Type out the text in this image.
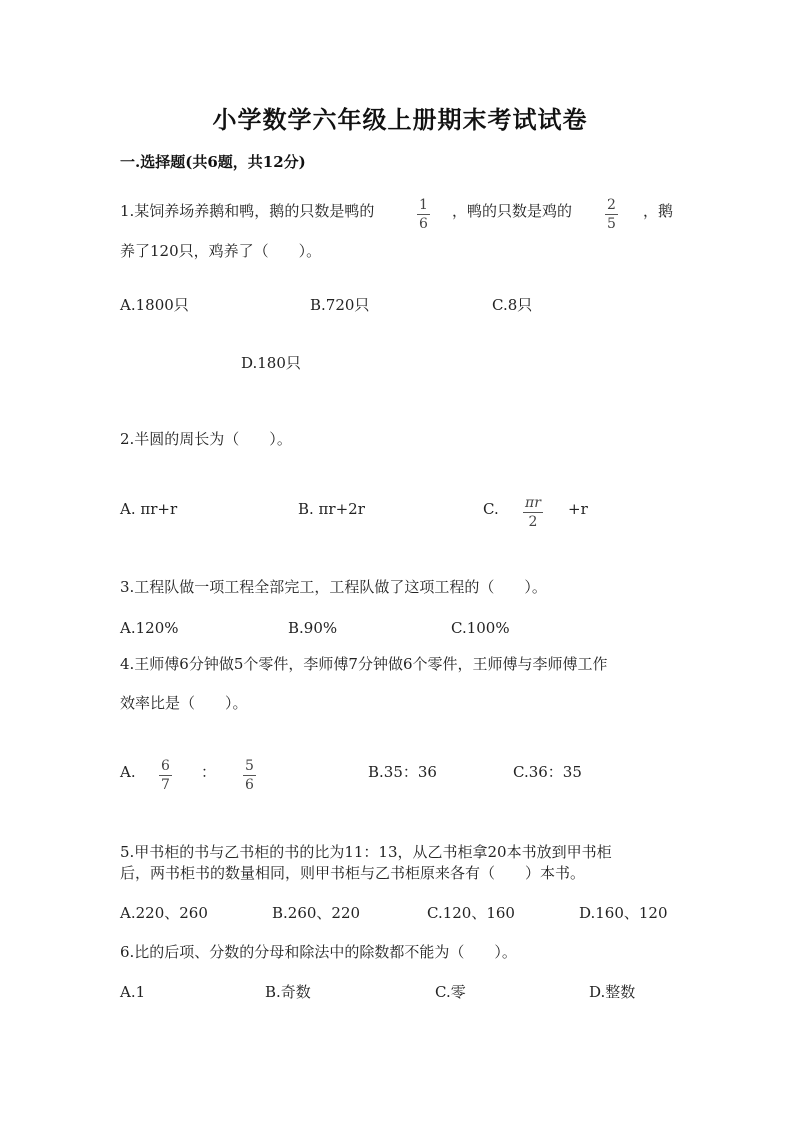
小学数学六年级上册期末考试试卷
一.选择题(共6题，共12分)
1.某饲养场养鹅和鸭，鹅的只数是鸭的	$\frac{1}{6}$ ，鸭的只数是鸡的 $\frac{2}{5}$ ，鹅
养了120只，鸡养了（　　）。
A.1800只	B.720只	C.8只
D.180只
2.半圆的周长为（　　）。
A. πr+r	B. πr+2r	C. $\frac{\pi r}{2} +r$
3.工程队做一项工程全部完工，工程队做了这项工程的（　　）。
A.120%	B.90%	C.100%
4.王师傅6分钟做5个零件，李师傅7分钟做6个零件，王师傅与李师傅工作
效率比是（　　）。
A. $\frac{6}{7}$ ： $\frac{5}{6}$	B.35：36	C.36：35
5.甲书柜的书与乙书柜的书的比为11：13，从乙书柜拿20本书放到甲书柜
后，两书柜书的数量相同，则甲书柜与乙书柜原来各有（　　）本书。
A.220、260	B.260、220	C.120、160	D.160、120
6.比的后项、分数的分母和除法中的除数都不能为（　　）。
A.1	B.奇数	C.零	D.整数
